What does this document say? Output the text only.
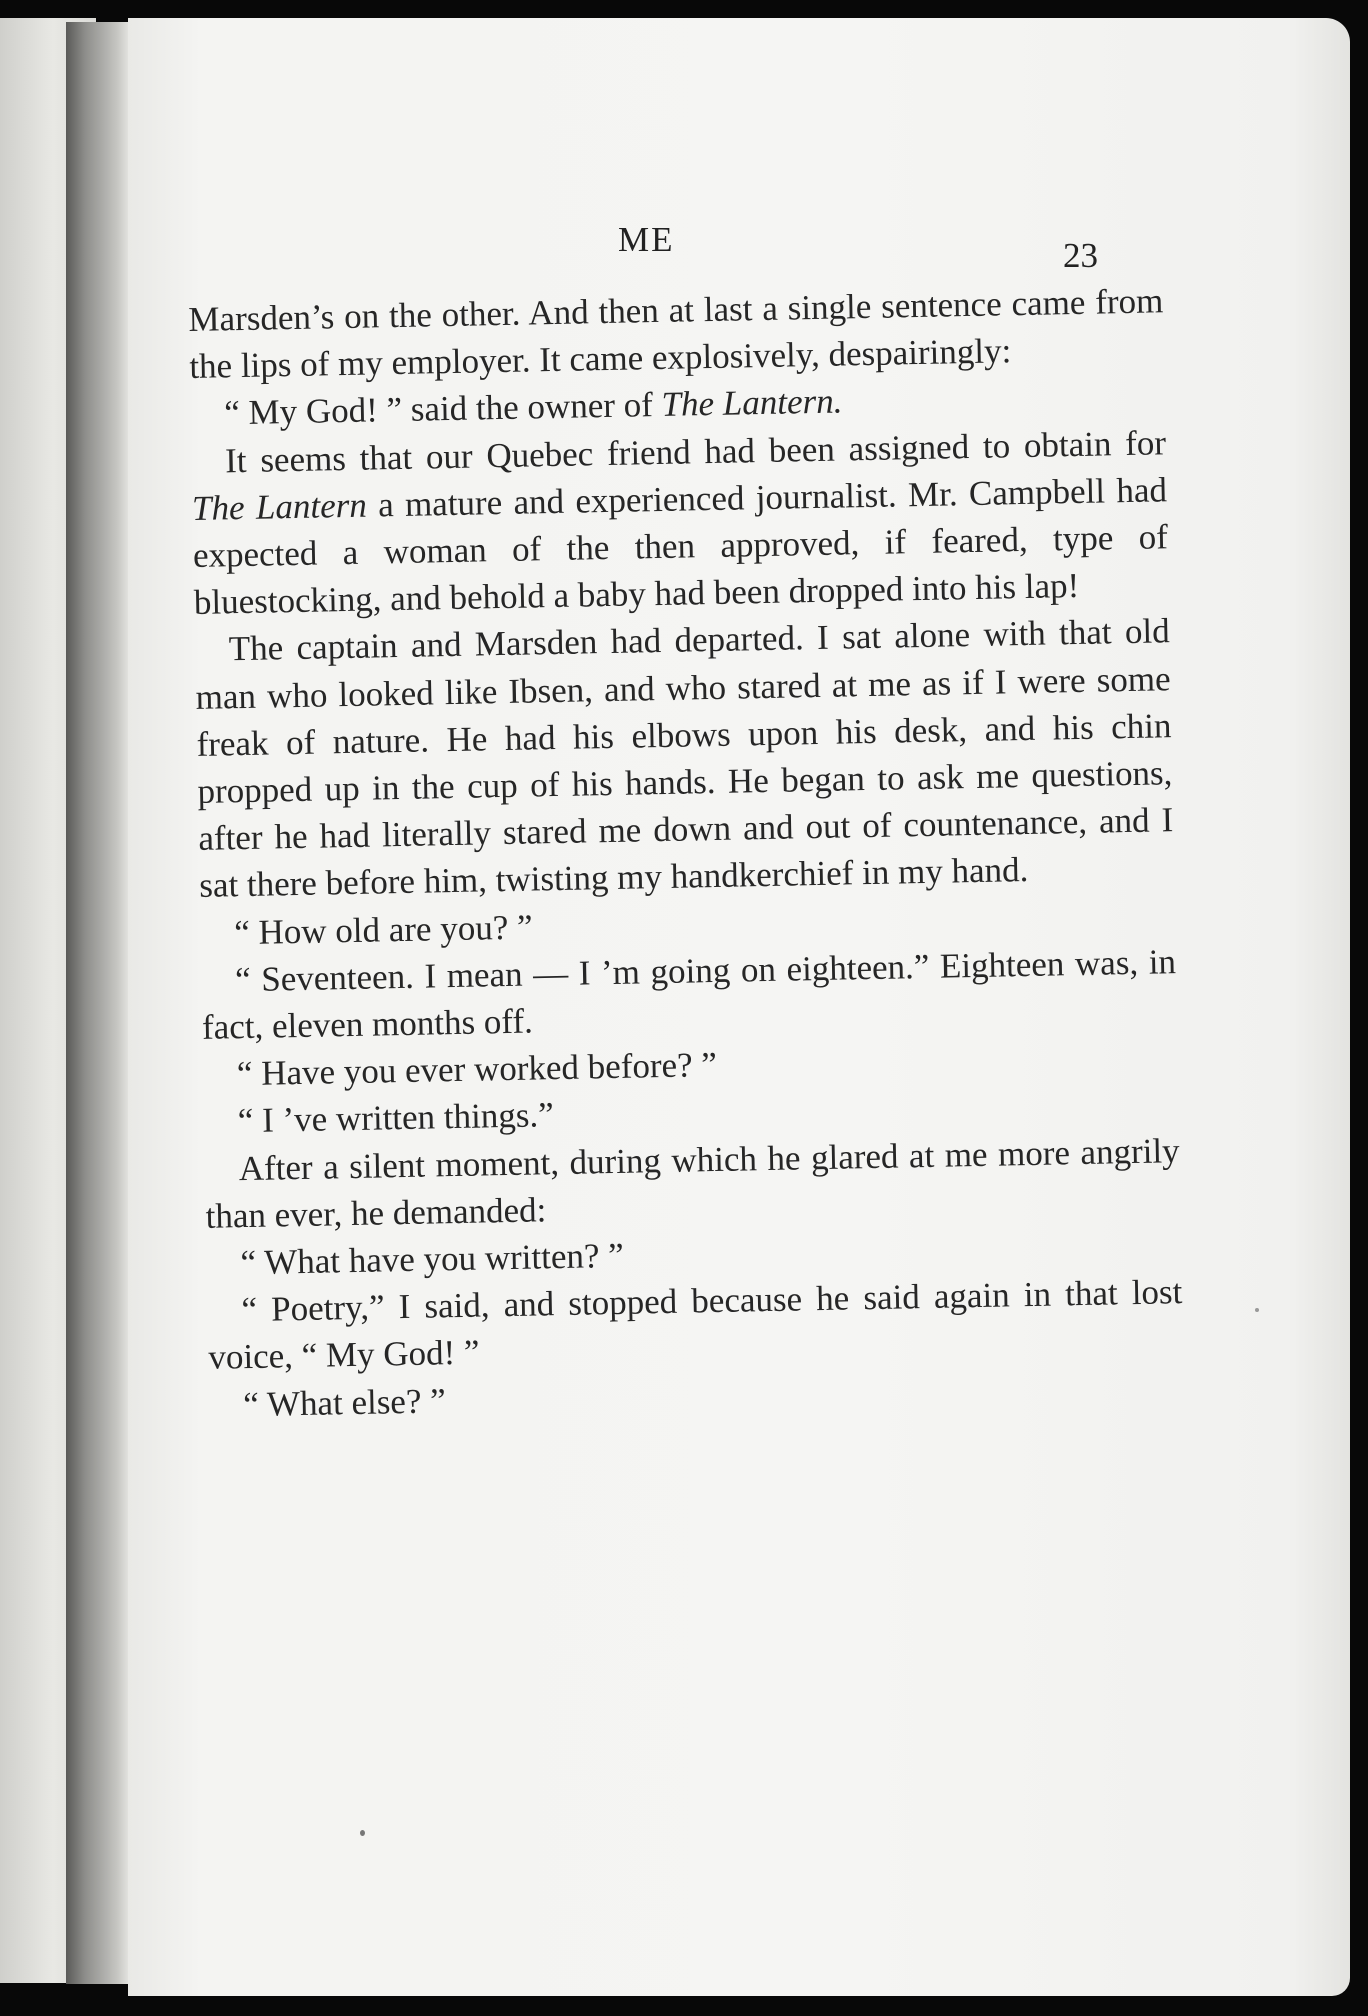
ME	23

Marsden’s on the other. And then at last a single sentence came from the lips of my employer. It came explosively, despairingly:

“ My God! ” said the owner of The Lantern.

It seems that our Quebec friend had been assigned to obtain for The Lantern a mature and experienced journalist. Mr. Campbell had expected a woman of the then approved, if feared, type of bluestocking, and behold a baby had been dropped into his lap!

The captain and Marsden had departed. I sat alone with that old man who looked like Ibsen, and who stared at me as if I were some freak of nature. He had his elbows upon his desk, and his chin propped up in the cup of his hands. He began to ask me questions, after he had literally stared me down and out of countenance, and I sat there before him, twisting my handkerchief in my hand.

“ How old are you? ”

“ Seventeen. I mean — I ’m going on eighteen.” Eighteen was, in fact, eleven months off.

“ Have you ever worked before? ”

“ I ’ve written things.”

After a silent moment, during which he glared at me more angrily than ever, he demanded:

“ What have you written? ”

“ Poetry,” I said, and stopped because he said again in that lost voice, “ My God! ”

“ What else? ”
